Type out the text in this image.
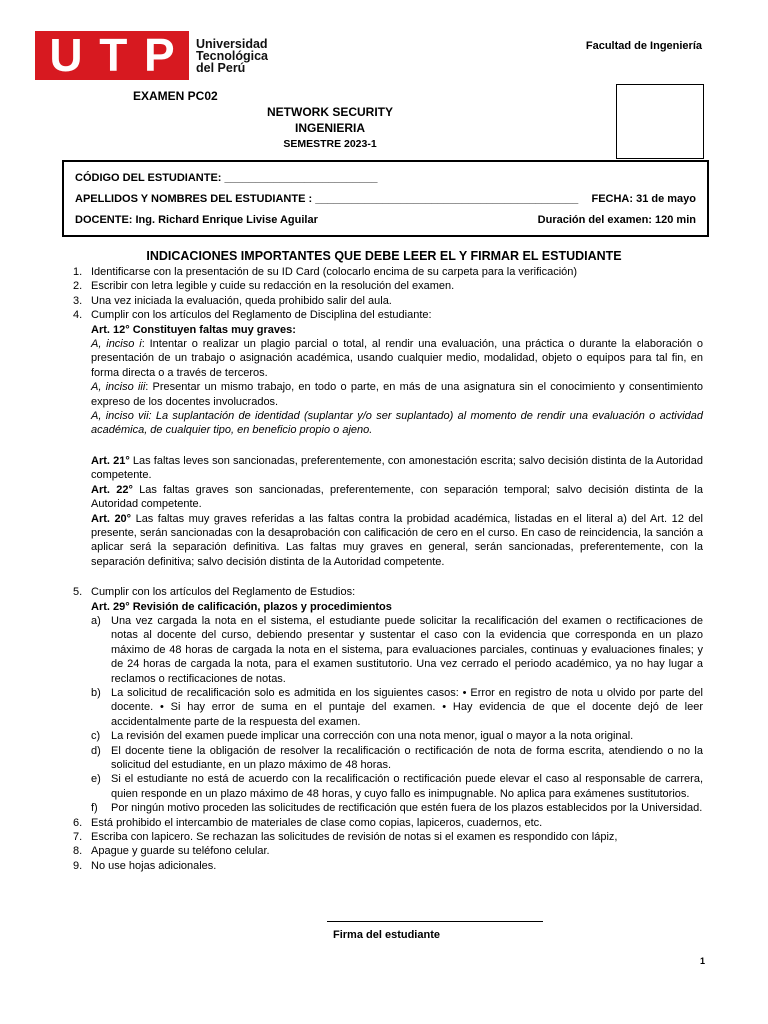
U T P Universidad
Tecnológica
del Perú
Facultad de Ingeniería
EXAMEN PC02
NETWORK SECURITY
INGENIERIA
SEMESTRE 2023-1
CÓDIGO DEL ESTUDIANTE: _________________________
APELLIDOS Y NOMBRES DEL ESTUDIANTE : ___________________________________________ FECHA: 31 de mayo
DOCENTE: Ing. Richard Enrique Livise Aguilar	Duración del examen: 120 min
INDICACIONES IMPORTANTES QUE DEBE LEER EL Y FIRMAR EL ESTUDIANTE
1. Identificarse con la presentación de su ID Card (colocarlo encima de su carpeta para la verificación)
2. Escribir con letra legible y cuide su redacción en la resolución del examen.
3. Una vez iniciada la evaluación, queda prohibido salir del aula.
4. Cumplir con los artículos del Reglamento de Disciplina del estudiante:
Art. 12° Constituyen faltas muy graves:
A, inciso i: Intentar o realizar un plagio parcial o total, al rendir una evaluación, una práctica o durante la elaboración o presentación de un trabajo o asignación académica, usando cualquier medio, modalidad, objeto o equipos para tal fin, en forma directa o a través de terceros.
A, inciso iii: Presentar un mismo trabajo, en todo o parte, en más de una asignatura sin el conocimiento y consentimiento expreso de los docentes involucrados.
A, inciso vii: La suplantación de identidad (suplantar y/o ser suplantado) al momento de rendir una evaluación o actividad académica, de cualquier tipo, en beneficio propio o ajeno.
Art. 21° Las faltas leves son sancionadas, preferentemente, con amonestación escrita; salvo decisión distinta de la Autoridad competente.
Art. 22° Las faltas graves son sancionadas, preferentemente, con separación temporal; salvo decisión distinta de la Autoridad competente.
Art. 20° Las faltas muy graves referidas a las faltas contra la probidad académica, listadas en el literal a) del Art. 12 del presente, serán sancionadas con la desaprobación con calificación de cero en el curso. En caso de reincidencia, la sanción a aplicar será la separación definitiva. Las faltas muy graves en general, serán sancionadas, preferentemente, con la separación definitiva; salvo decisión distinta de la Autoridad competente.
5. Cumplir con los artículos del Reglamento de Estudios:
Art. 29° Revisión de calificación, plazos y procedimientos
a) Una vez cargada la nota en el sistema, el estudiante puede solicitar la recalificación del examen o rectificaciones de notas al docente del curso, debiendo presentar y sustentar el caso con la evidencia que corresponda en un plazo máximo de 48 horas de cargada la nota en el sistema, para evaluaciones parciales, continuas y evaluaciones finales; y de 24 horas de cargada la nota, para el examen sustitutorio. Una vez cerrado el periodo académico, ya no hay lugar a reclamos o rectificaciones de notas.
b) La solicitud de recalificación solo es admitida en los siguientes casos: • Error en registro de nota u olvido por parte del docente. • Si hay error de suma en el puntaje del examen. • Hay evidencia de que el docente dejó de leer accidentalmente parte de la respuesta del examen.
c) La revisión del examen puede implicar una corrección con una nota menor, igual o mayor a la nota original.
d) El docente tiene la obligación de resolver la recalificación o rectificación de nota de forma escrita, atendiendo o no la solicitud del estudiante, en un plazo máximo de 48 horas.
e) Si el estudiante no está de acuerdo con la recalificación o rectificación puede elevar el caso al responsable de carrera, quien responde en un plazo máximo de 48 horas, y cuyo fallo es inimpugnable. No aplica para exámenes sustitutorios.
f)	Por ningún motivo proceden las solicitudes de rectificación que estén fuera de los plazos establecidos por la Universidad.
6. Está prohibido el intercambio de materiales de clase como copias, lapiceros, cuadernos, etc.
7. Escriba con lapicero. Se rechazan las solicitudes de revisión de notas si el examen es respondido con lápiz,
8. Apague y guarde su teléfono celular.
9. No use hojas adicionales.
Firma del estudiante
1
